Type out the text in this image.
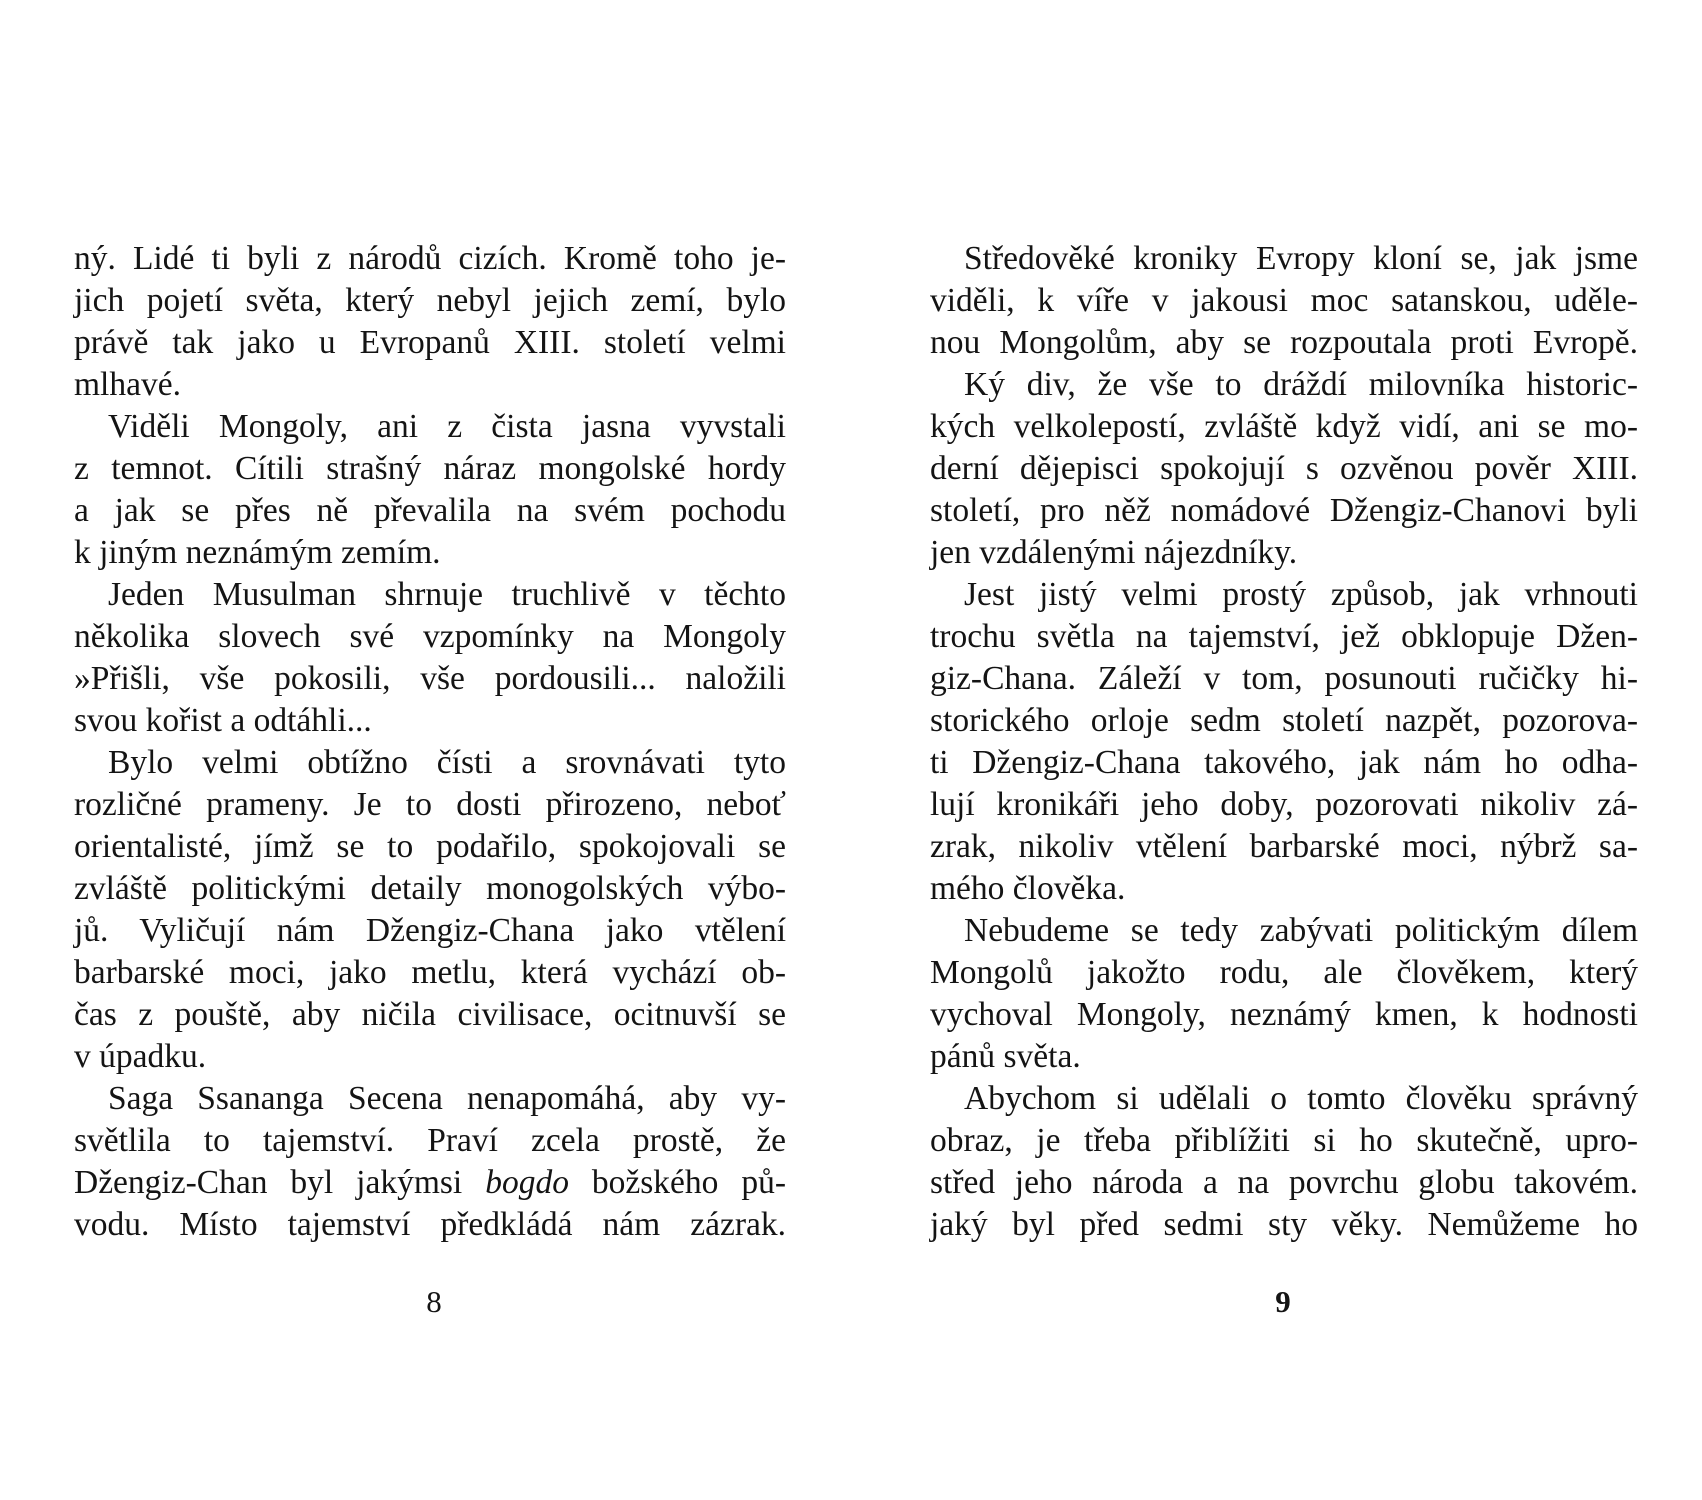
ný. Lidé ti byli z národů cizích. Kromě toho je-
jich pojetí světa, který nebyl jejich zemí, bylo
právě tak jako u Evropanů XIII. století velmi
mlhavé.
Viděli Mongoly, ani z čista jasna vyvstali
z temnot. Cítili strašný náraz mongolské hordy
a jak se přes ně převalila na svém pochodu
k jiným neznámým zemím.
Jeden Musulman shrnuje truchlivě v těchto
několika slovech své vzpomínky na Mongoly
»Přišli, vše pokosili, vše pordousili... naložili
svou kořist a odtáhli...
Bylo velmi obtížno čísti a srovnávati tyto
rozličné prameny. Je to dosti přirozeno, neboť
orientalisté, jímž se to podařilo, spokojovali se
zvláště politickými detaily monogolských výbo-
jů. Vyličují nám Džengiz-Chana jako vtělení
barbarské moci, jako metlu, která vychází ob-
čas z pouště, aby ničila civilisace, ocitnuvší se
v úpadku.
Saga Ssananga Secena nenapomáhá, aby vy-
světlila to tajemství. Praví zcela prostě, že
Džengiz-Chan byl jakýmsi bogdo božského pů-
vodu. Místo tajemství předkládá nám zázrak.
Středověké kroniky Evropy kloní se, jak jsme
viděli, k víře v jakousi moc satanskou, uděle-
nou Mongolům, aby se rozpoutala proti Evropě.
Ký div, že vše to dráždí milovníka historic-
kých velkolepostí, zvláště když vidí, ani se mo-
derní dějepisci spokojují s ozvěnou pověr XIII.
století, pro něž nomádové Džengiz-Chanovi byli
jen vzdálenými nájezdníky.
Jest jistý velmi prostý způsob, jak vrhnouti
trochu světla na tajemství, jež obklopuje Džen-
giz-Chana. Záleží v tom, posunouti ručičky hi-
storického orloje sedm století nazpět, pozorova-
ti Džengiz-Chana takového, jak nám ho odha-
lují kronikáři jeho doby, pozorovati nikoliv zá-
zrak, nikoliv vtělení barbarské moci, nýbrž sa-
mého člověka.
Nebudeme se tedy zabývati politickým dílem
Mongolů jakožto rodu, ale člověkem, který
vychoval Mongoly, neznámý kmen, k hodnosti
pánů světa.
Abychom si udělali o tomto člověku správný
obraz, je třeba přiblížiti si ho skutečně, upro-
střed jeho národa a na povrchu globu takovém.
jaký byl před sedmi sty věky. Nemůžeme ho
8	9
